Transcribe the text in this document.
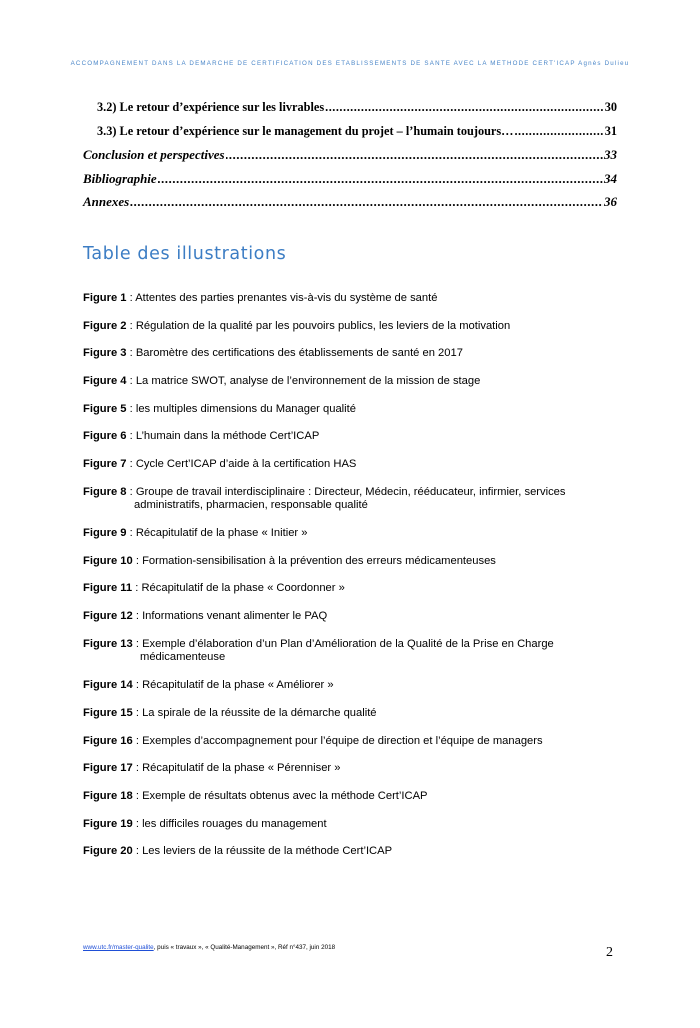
ACCOMPAGNEMENT DANS LA DEMARCHE DE CERTIFICATION DES ETABLISSEMENTS DE SANTE AVEC LA METHODE CERT'ICAP Agnès Dulieu
3.2) Le retour d’expérience sur les livrables .....	30
3.3) Le retour d’expérience sur le management du projet – l’humain toujours… .....	31
Conclusion et perspectives .....	33
Bibliographie .....	34
Annexes .....	36
Table des illustrations
Figure 1 : Attentes des parties prenantes vis-à-vis du système de santé
Figure 2 : Régulation de la qualité par les pouvoirs publics, les leviers de la motivation
Figure 3 : Baromètre des certifications des établissements de santé en 2017
Figure 4 : La matrice SWOT, analyse de l’environnement de la mission de stage
Figure 5 : les multiples dimensions du Manager qualité
Figure 6 : L’humain dans la méthode Cert’ICAP
Figure 7 : Cycle Cert’ICAP d’aide à la certification HAS
Figure 8 : Groupe de travail interdisciplinaire : Directeur, Médecin, rééducateur, infirmier, services
administratifs, pharmacien, responsable qualité
Figure 9 : Récapitulatif de la phase « Initier »
Figure 10 : Formation-sensibilisation à la prévention des erreurs médicamenteuses
Figure 11 : Récapitulatif de la phase « Coordonner »
Figure 12 : Informations venant alimenter le PAQ
Figure 13 : Exemple d’élaboration d’un Plan d’Amélioration de la Qualité de la Prise en Charge
médicamenteuse
Figure 14 : Récapitulatif de la phase « Améliorer »
Figure 15 : La spirale de la réussite de la démarche qualité
Figure 16 : Exemples d’accompagnement pour l’équipe de direction et l’équipe de managers
Figure 17 : Récapitulatif de la phase « Pérenniser »
Figure 18 : Exemple de résultats obtenus avec la méthode Cert’ICAP
Figure 19 : les difficiles rouages du management
Figure 20 : Les leviers de la réussite de la méthode Cert’ICAP
www.utc.fr/master-qualite, puis « travaux », « Qualité-Management », Réf n°437, juin 2018	2
